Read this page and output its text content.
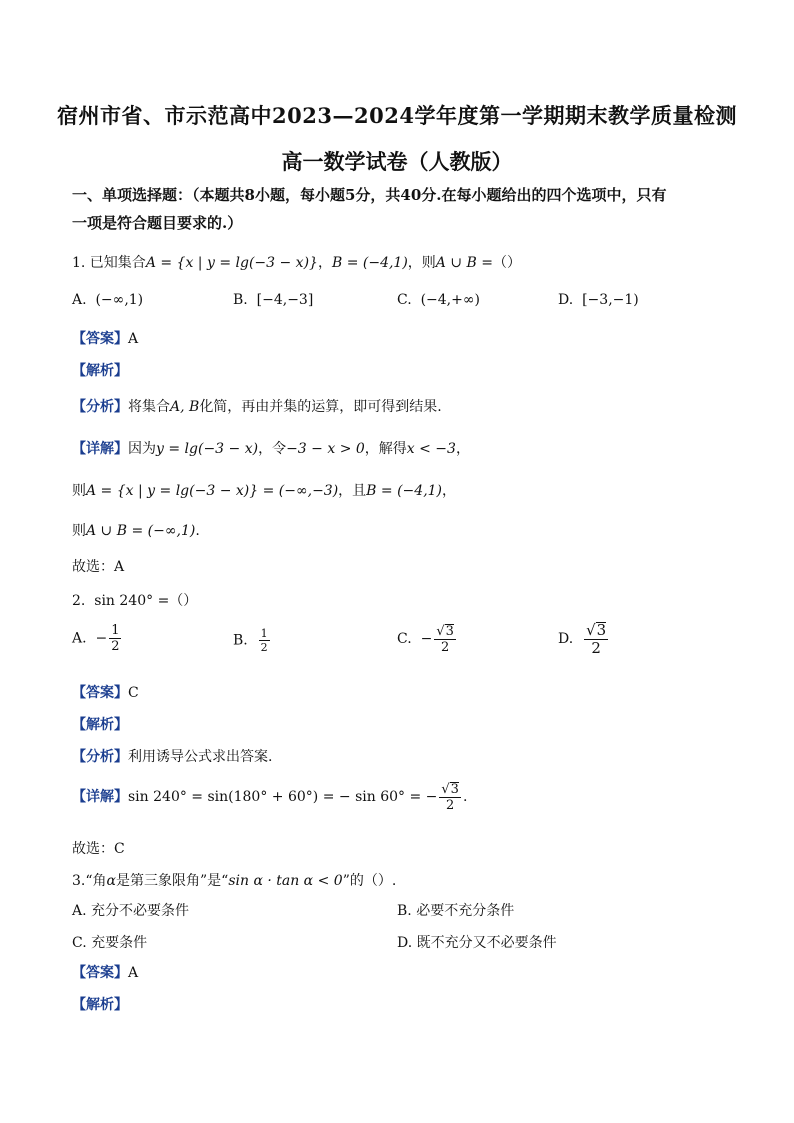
宿州市省、市示范高中2023—2024学年度第一学期期末教学质量检测
高一数学试卷（人教版）
一、单项选择题：（本题共8小题，每小题5分，共40分.在每小题给出的四个选项中，只有
一项是符合题目要求的.）
1. 已知集合A = {x | y = lg(−3 − x)}，B = (−4,1)，则A ∪ B =（）
A. (−∞,1)	B. [−4,−3]	C. (−4,+∞)	D. [−3,−1)
【答案】A
【解析】
【分析】将集合A, B化简，再由并集的运算，即可得到结果.
【详解】因为y = lg(−3 − x)，令−3 − x > 0，解得x < −3，
则A = {x | y = lg(−3 − x)} = (−∞,−3)，且B = (−4,1)，
则A ∪ B = (−∞,1).
故选：A
2. sin 240° =（）
A. − $\frac{1}{2}$	B. $\frac{1}{2}$	C. − $\frac{√3}{2}$	D. $\frac{√3}{2}$
【答案】C
【解析】
【分析】利用诱导公式求出答案.
【详解】sin 240° = sin(180° + 60°) = − sin 60° = − $\frac{√3}{2}$ .
故选：C
3.“角α是第三象限角”是“sin α · tan α < 0”的（）.
A. 充分不必要条件	B. 必要不充分条件
C. 充要条件	D. 既不充分又不必要条件
【答案】A
【解析】
